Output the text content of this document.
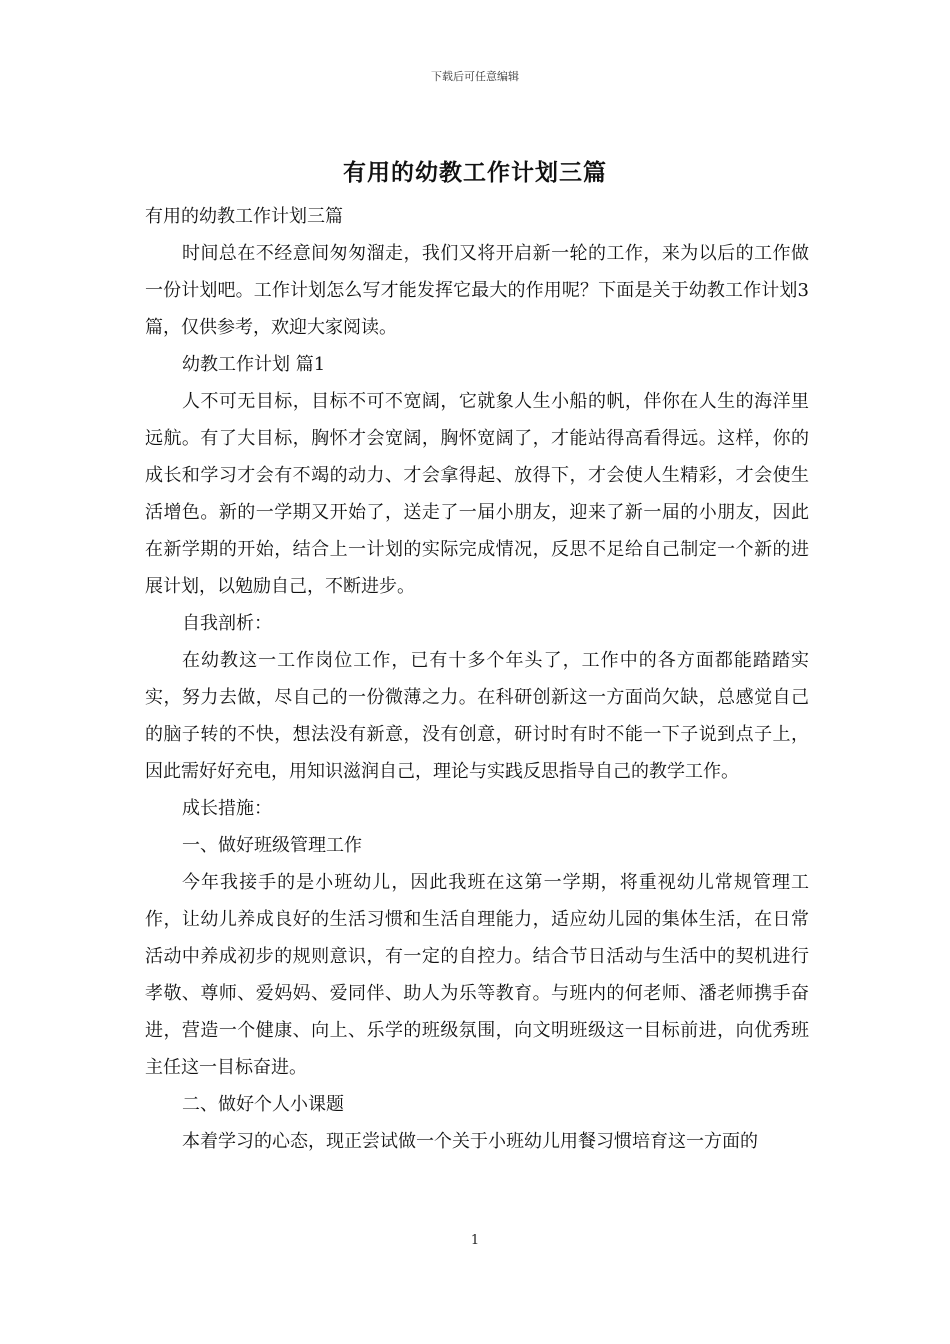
下载后可任意编辑
有用的幼教工作计划三篇

有用的幼教工作计划三篇

时间总在不经意间匆匆溜走，我们又将开启新一轮的工作，来为以后的工作做一份计划吧。工作计划怎么写才能发挥它最大的作用呢？下面是关于幼教工作计划3篇，仅供参考，欢迎大家阅读。

幼教工作计划 篇1

人不可无目标，目标不可不宽阔，它就象人生小船的帆，伴你在人生的海洋里远航。有了大目标，胸怀才会宽阔，胸怀宽阔了，才能站得高看得远。这样，你的成长和学习才会有不竭的动力、才会拿得起、放得下，才会使人生精彩，才会使生活增色。新的一学期又开始了，送走了一届小朋友，迎来了新一届的小朋友，因此在新学期的开始，结合上一计划的实际完成情况，反思不足给自己制定一个新的进展计划，以勉励自己，不断进步。

自我剖析：

在幼教这一工作岗位工作，已有十多个年头了，工作中的各方面都能踏踏实实，努力去做，尽自己的一份微薄之力。在科研创新这一方面尚欠缺，总感觉自己的脑子转的不快，想法没有新意，没有创意，研讨时有时不能一下子说到点子上，因此需好好充电，用知识滋润自己，理论与实践反思指导自己的教学工作。

成长措施：

一、做好班级管理工作

今年我接手的是小班幼儿，因此我班在这第一学期，将重视幼儿常规管理工作，让幼儿养成良好的生活习惯和生活自理能力，适应幼儿园的集体生活，在日常活动中养成初步的规则意识，有一定的自控力。结合节日活动与生活中的契机进行孝敬、尊师、爱妈妈、爱同伴、助人为乐等教育。与班内的何老师、潘老师携手奋进，营造一个健康、向上、乐学的班级氛围，向文明班级这一目标前进，向优秀班主任这一目标奋进。

二、做好个人小课题

本着学习的心态，现正尝试做一个关于小班幼儿用餐习惯培育这一方面的

1
